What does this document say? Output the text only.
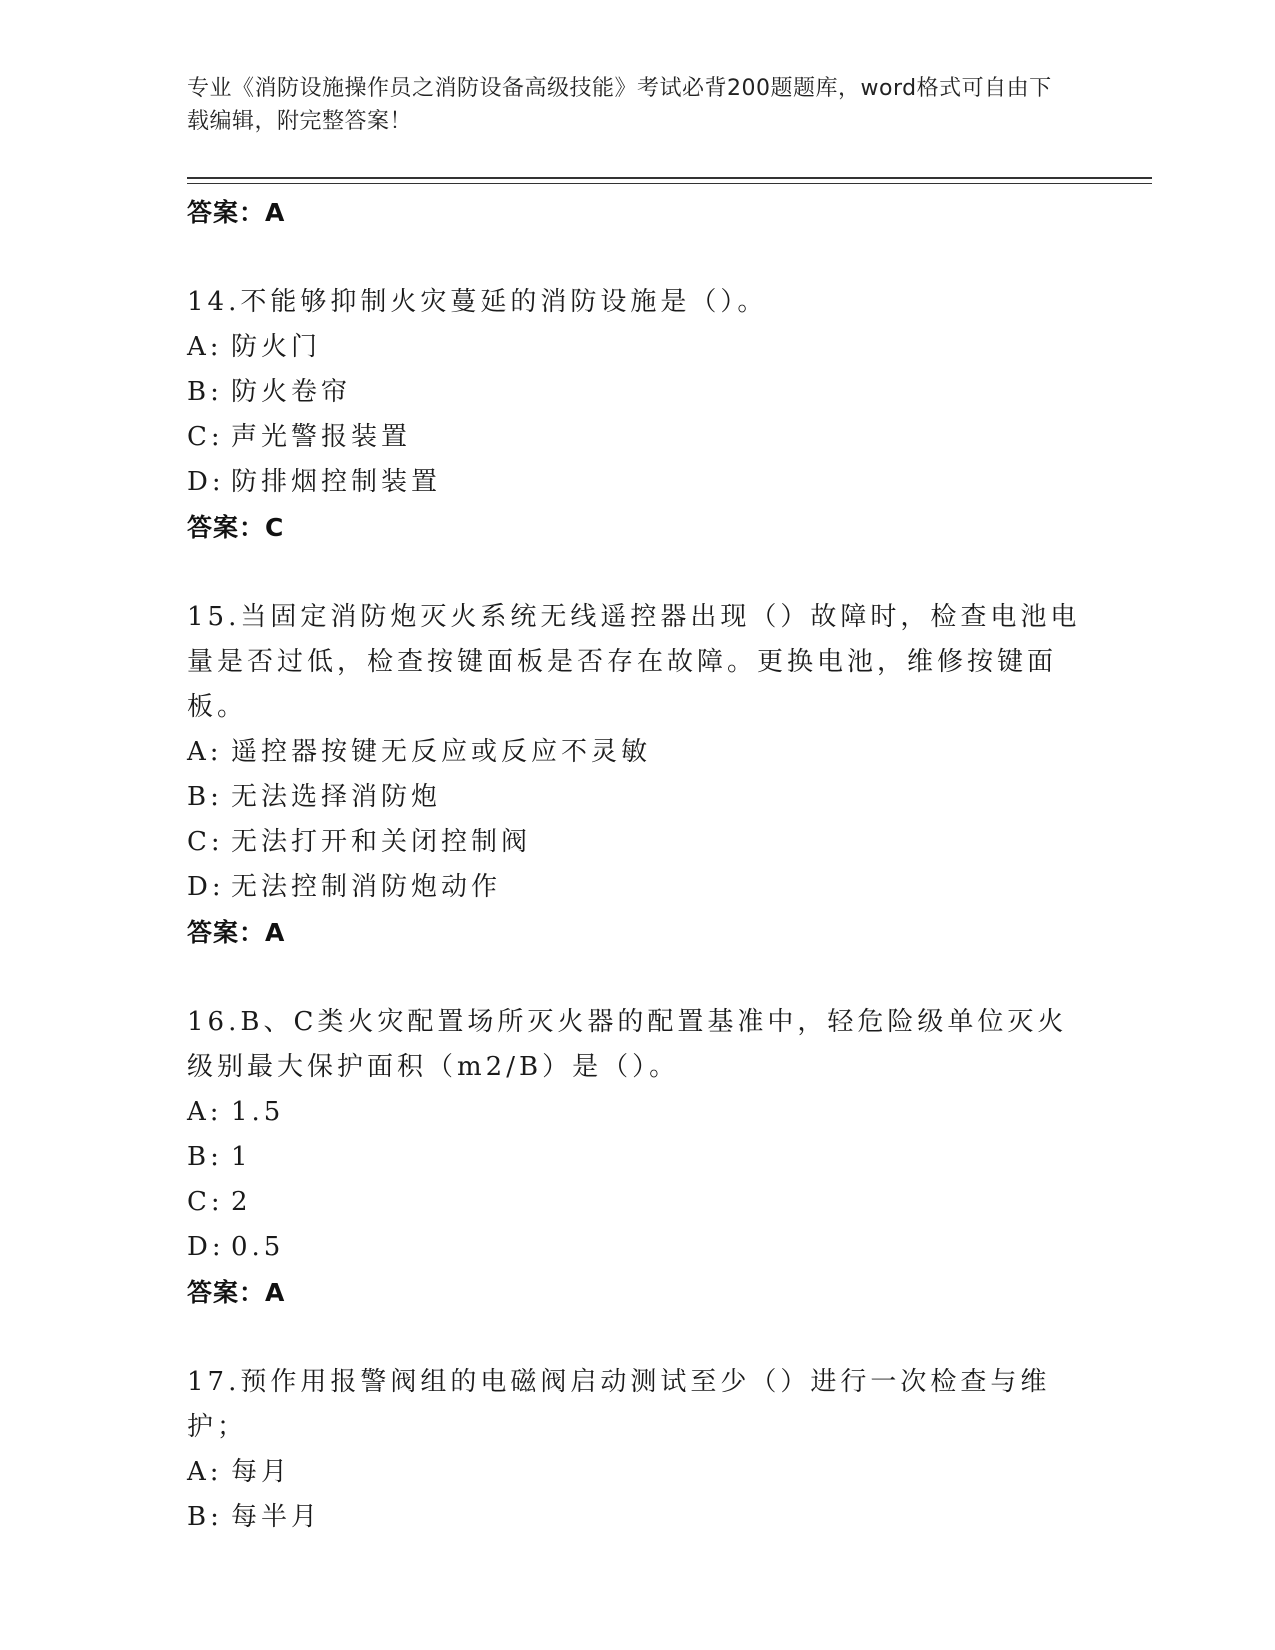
专业《消防设施操作员之消防设备高级技能》考试必背200题题库，word格式可自由下载编辑，附完整答案！
答案：A
14.不能够抑制火灾蔓延的消防设施是（）。
A: 防火门
B: 防火卷帘
C: 声光警报装置
D: 防排烟控制装置
答案：C
15.当固定消防炮灭火系统无线遥控器出现（）故障时，检查电池电量是否过低，检查按键面板是否存在故障。更换电池，维修按键面板。
A: 遥控器按键无反应或反应不灵敏
B: 无法选择消防炮
C: 无法打开和关闭控制阀
D: 无法控制消防炮动作
答案：A
16.B、C类火灾配置场所灭火器的配置基准中，轻危险级单位灭火级别最大保护面积（m2/B）是（）。
A: 1.5
B: 1
C: 2
D: 0.5
答案：A
17.预作用报警阀组的电磁阀启动测试至少（）进行一次检查与维护；
A: 每月
B: 每半月
